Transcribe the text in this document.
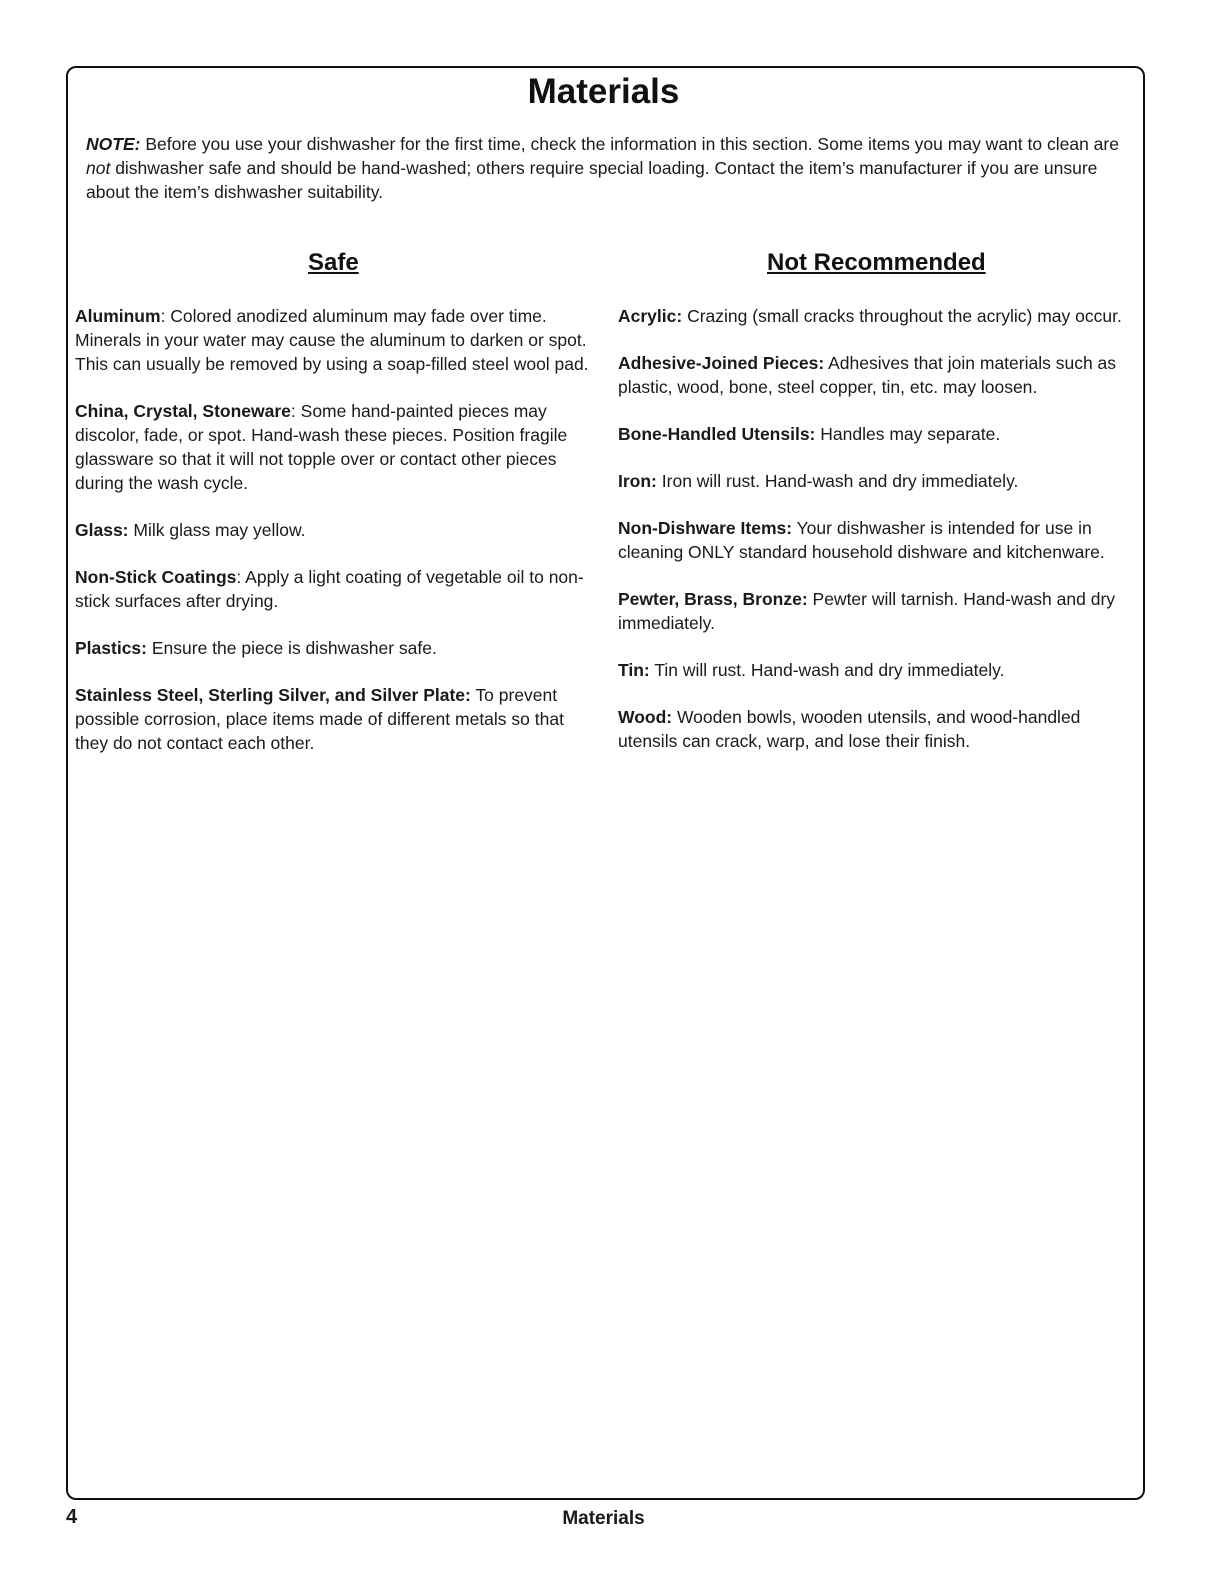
Materials

NOTE: Before you use your dishwasher for the first time, check the information in this section. Some items you may want to clean are not dishwasher safe and should be hand-washed; others require special loading. Contact the item’s manufacturer if you are unsure about the item’s dishwasher suitability.

Safe	Not Recommended

Aluminum: Colored anodized aluminum may fade over time. Minerals in your water may cause the aluminum to darken or spot. This can usually be removed by using a soap-filled steel wool pad.

China, Crystal, Stoneware: Some hand-painted pieces may discolor, fade, or spot. Hand-wash these pieces. Position fragile glassware so that it will not topple over or contact other pieces during the wash cycle.

Glass: Milk glass may yellow.

Non-Stick Coatings: Apply a light coating of vegetable oil to non-stick surfaces after drying.

Plastics: Ensure the piece is dishwasher safe.

Stainless Steel, Sterling Silver, and Silver Plate: To prevent possible corrosion, place items made of different metals so that they do not contact each other.

Acrylic: Crazing (small cracks throughout the acrylic) may occur.

Adhesive-Joined Pieces: Adhesives that join materials such as plastic, wood, bone, steel copper, tin, etc. may loosen.

Bone-Handled Utensils: Handles may separate.

Iron: Iron will rust. Hand-wash and dry immediately.

Non-Dishware Items: Your dishwasher is intended for use in cleaning ONLY standard household dishware and kitchenware.

Pewter, Brass, Bronze: Pewter will tarnish. Hand-wash and dry immediately.

Tin: Tin will rust. Hand-wash and dry immediately.

Wood: Wooden bowls, wooden utensils, and wood-handled utensils can crack, warp, and lose their finish.

4	Materials
